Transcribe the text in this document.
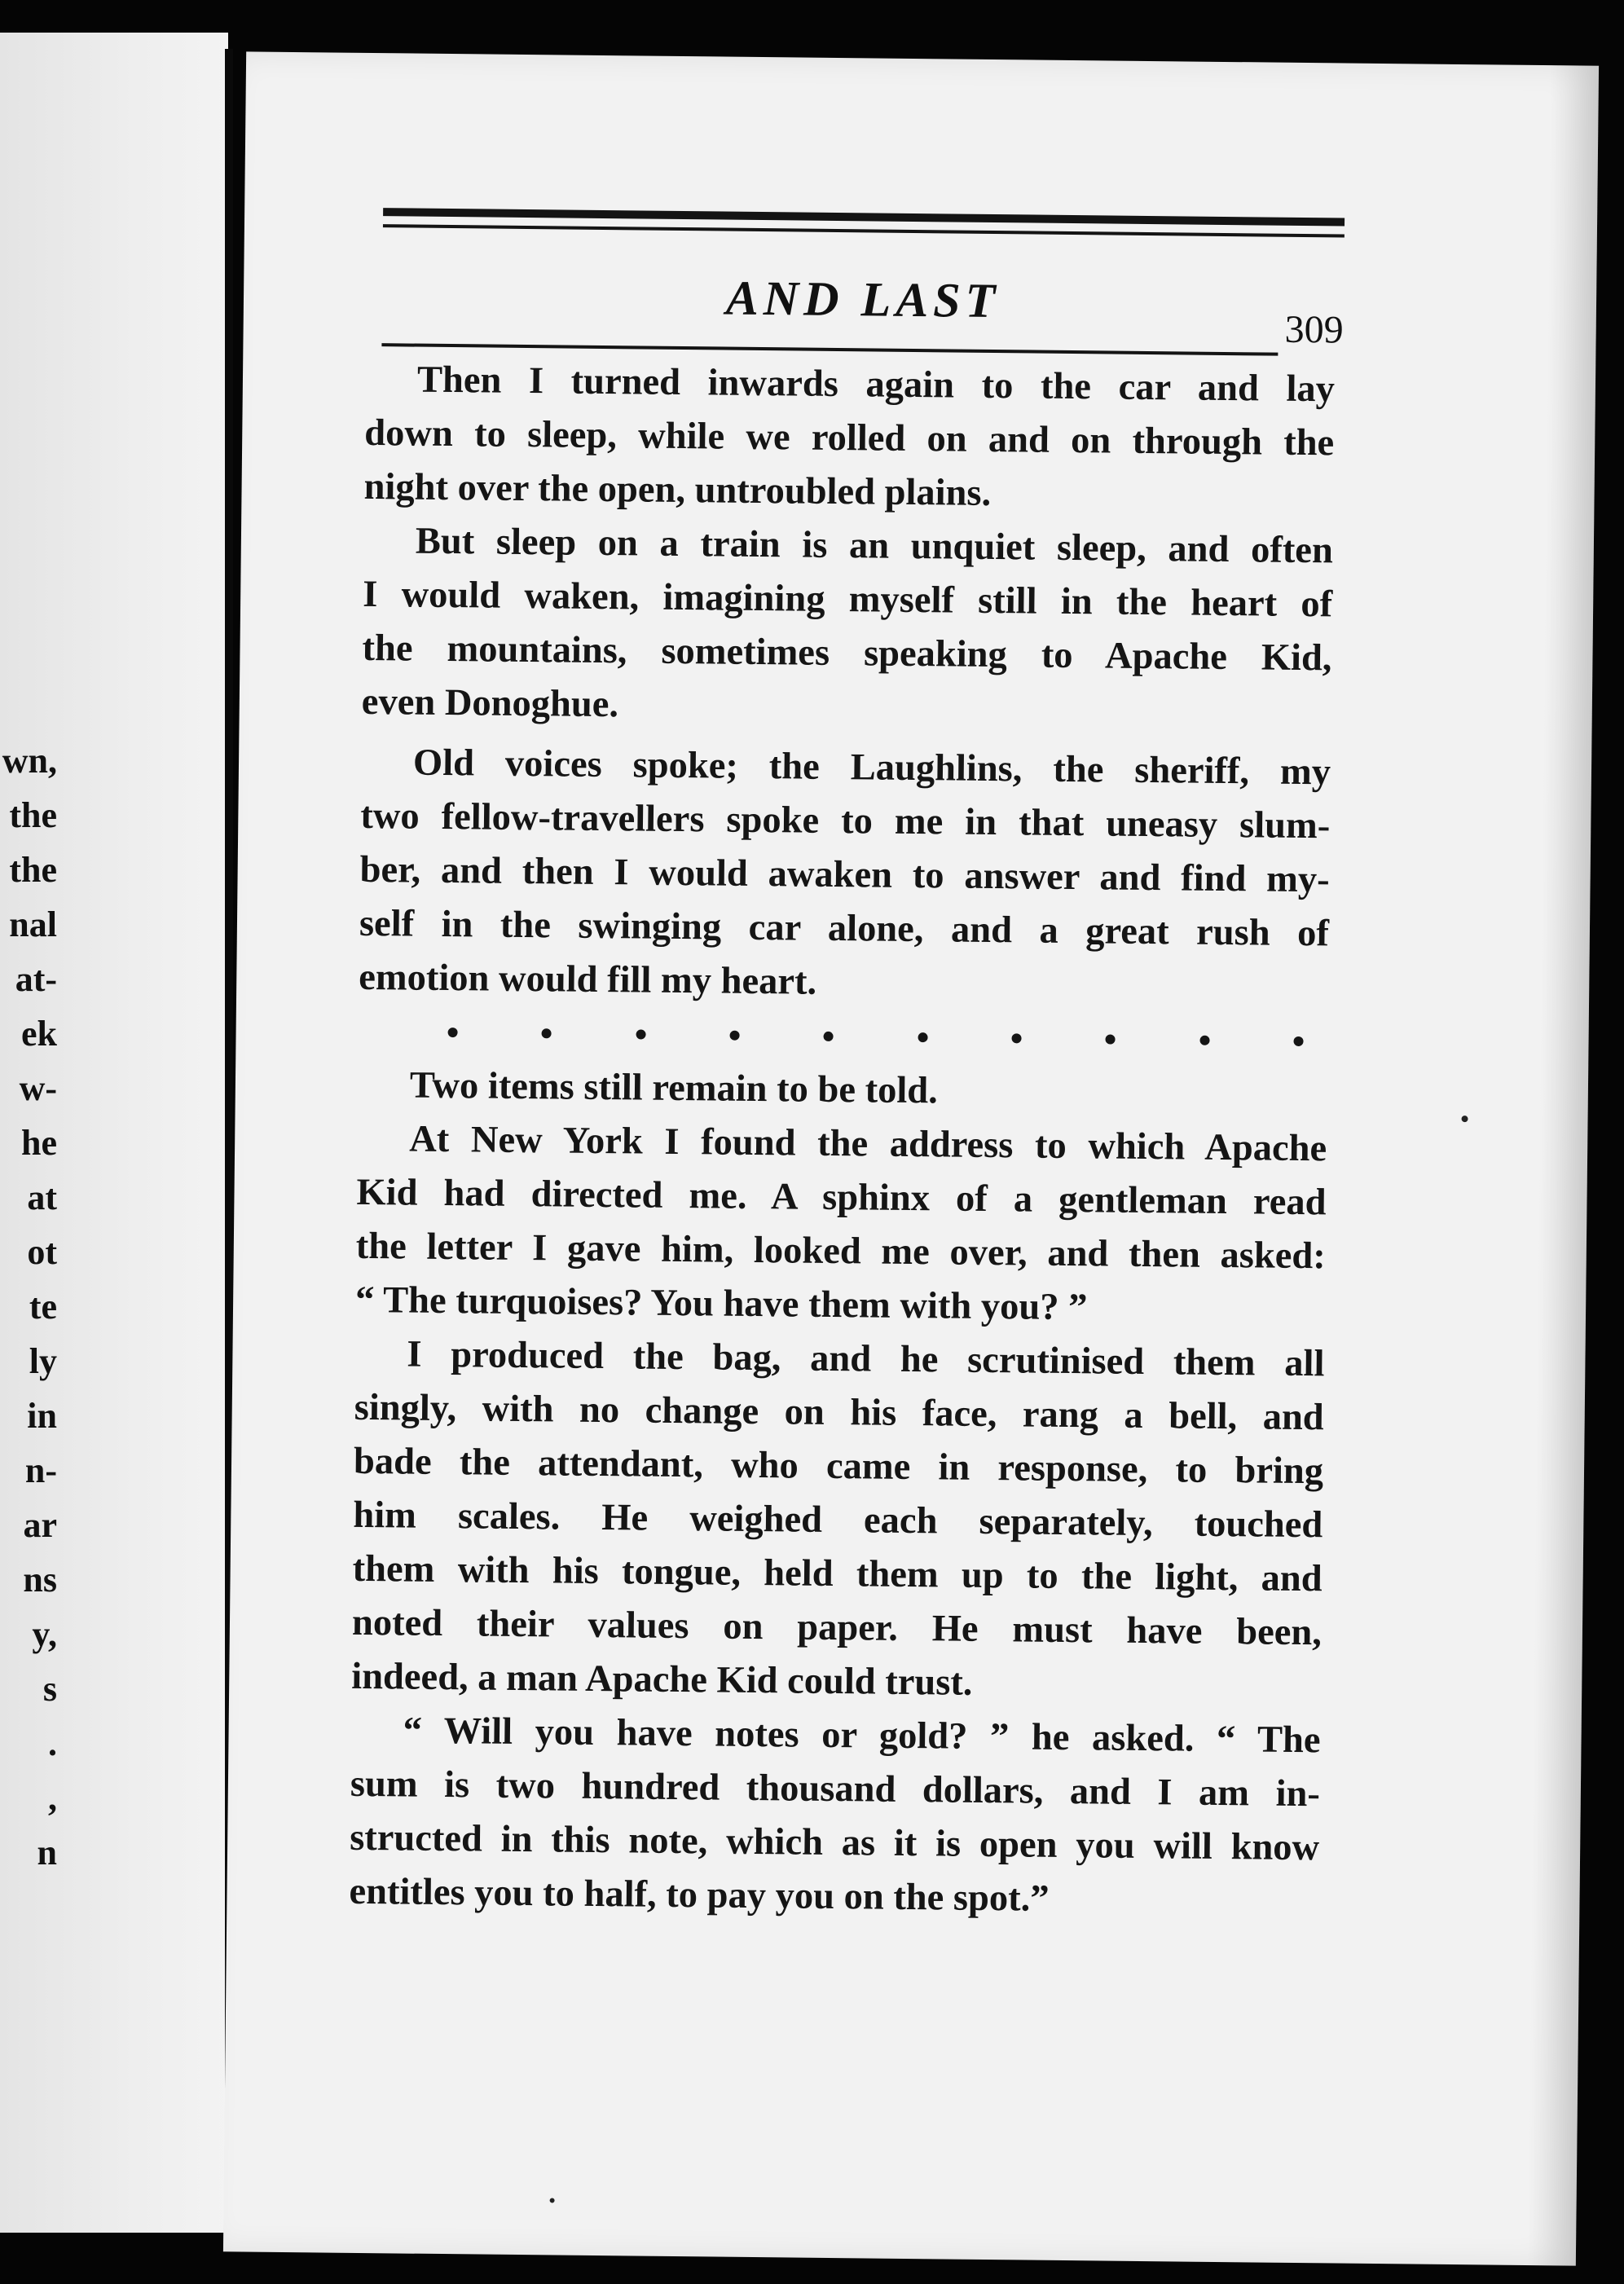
wn,
the
the
nal
at-
ek
w-
he
at
ot
te
ly
in
n-
ar
ns
y,
s
.
,
n
AND LAST
309
Then I turned inwards again to the car and lay
down to sleep, while we rolled on and on through the
night over the open, untroubled plains.
But sleep on a train is an unquiet sleep, and often
I would waken, imagining myself still in the heart of
the mountains, sometimes speaking to Apache Kid,
even Donoghue.
Old voices spoke; the Laughlins, the sheriff, my
two fellow-travellers spoke to me in that uneasy slum-
ber, and then I would awaken to answer and find my-
self in the swinging car alone, and a great rush of
emotion would fill my heart.
Two items still remain to be told.
At New York I found the address to which Apache
Kid had directed me. A sphinx of a gentleman read
the letter I gave him, looked me over, and then asked:
“ The turquoises? You have them with you? ”
I produced the bag, and he scrutinised them all
singly, with no change on his face, rang a bell, and
bade the attendant, who came in response, to bring
him scales. He weighed each separately, touched
them with his tongue, held them up to the light, and
noted their values on paper. He must have been,
indeed, a man Apache Kid could trust.
“ Will you have notes or gold? ” he asked. “ The
sum is two hundred thousand dollars, and I am in-
structed in this note, which as it is open you will know
entitles you to half, to pay you on the spot.”
